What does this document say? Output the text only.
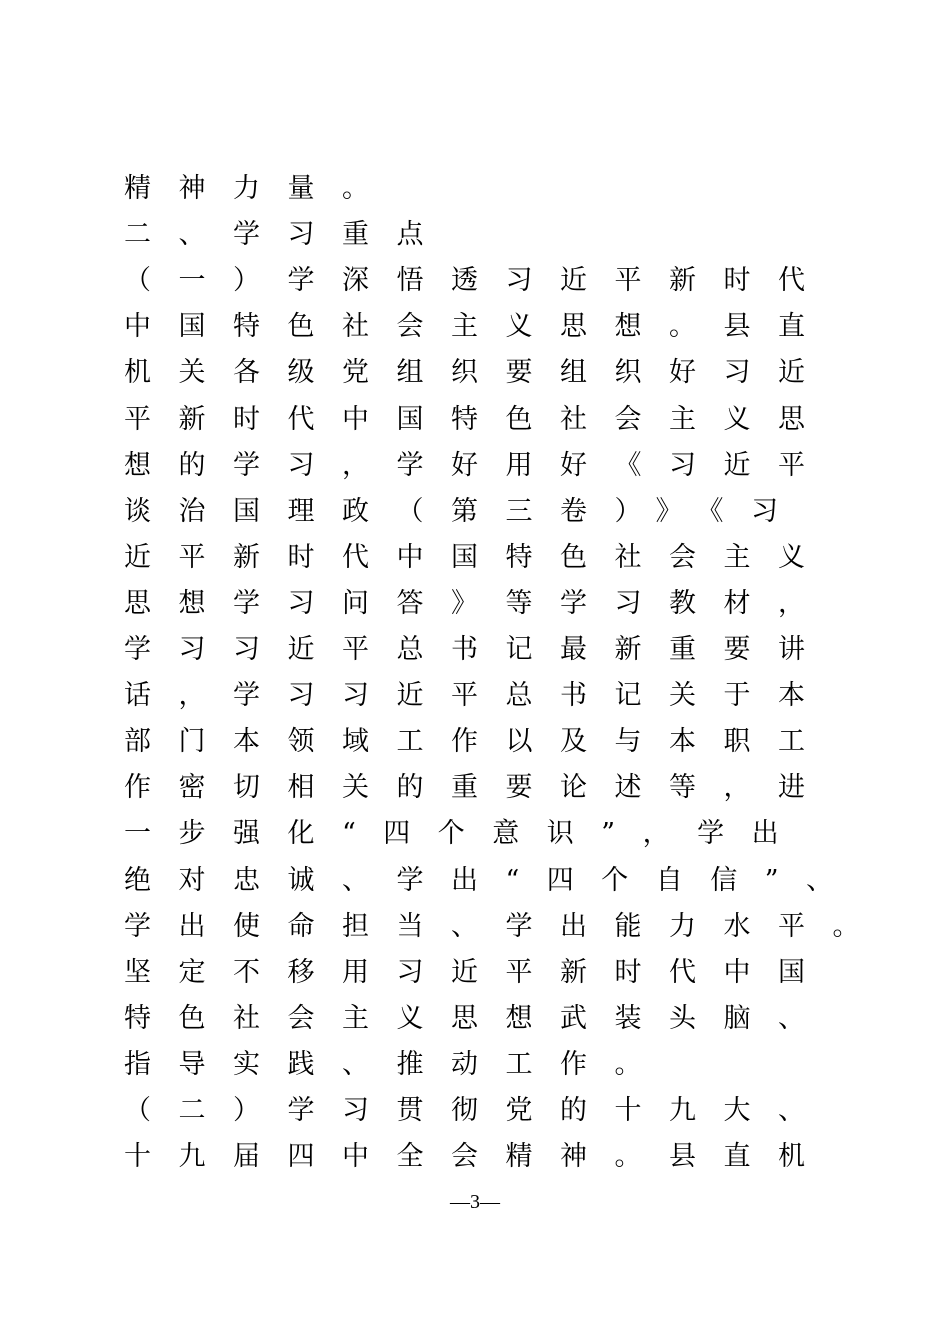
精神力量。
二、学习重点
（一）学深悟透习近平新时代
中国特色社会主义思想。县直
机关各级党组织要组织好习近
平新时代中国特色社会主义思
想的学习，学好用好《习近平
谈治国理政（第三卷）》《习
近平新时代中国特色社会主义
思想学习问答》等学习教材，
学习习近平总书记最新重要讲
话，学习习近平总书记关于本
部门本领域工作以及与本职工
作密切相关的重要论述等，进
一步强化“四个意识”，学出
绝对忠诚、学出“四个自信”、
学出使命担当、学出能力水平。
坚定不移用习近平新时代中国
特色社会主义思想武装头脑、
指导实践、推动工作。
（二）学习贯彻党的十九大、
十九届四中全会精神。县直机
—3—
